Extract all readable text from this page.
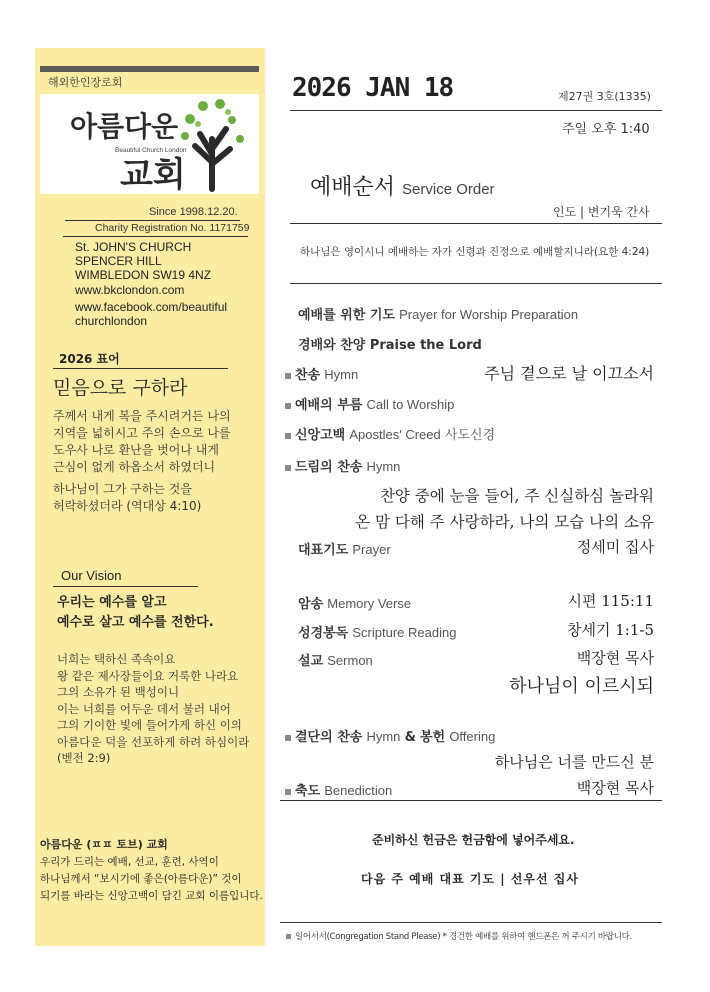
해외한인장로회
아름다운
Beautiful Church London
교회
Since 1998.12.20.
Charity Registration No. 1171759
St. JOHN'S CHURCH
SPENCER HILL
WIMBLEDON SW19 4NZ
www.bkclondon.com
www.facebook.com/beautiful
churchlondon
2026 표어
믿음으로 구하라
주께서 내게 복을 주시려거든 나의
지역을 넓히시고 주의 손으로 나를
도우사 나로 환난을 벗어나 내게
근심이 없게 하옵소서 하였더니
하나님이 그가 구하는 것을
허락하셨더라 (역대상 4:10)
Our Vision
우리는 예수를 알고
예수로 살고 예수를 전한다.
너희는 택하신 족속이요
왕 같은 제사장들이요 거룩한 나라요
그의 소유가 된 백성이니
이는 너희를 어두운 데서 불러 내어
그의 기이한 빛에 들어가게 하신 이의
아름다운 덕을 선포하게 하려 하심이라
(벧전 2:9)
아름다운 (ㅍㅍ 토브) 교회
우리가 드리는 예배, 선교, 훈련, 사역이
하나님께서 “보시기에 좋은(아름다운)” 것이
되기를 바라는 신앙고백이 담긴 교회 이름입니다.
2026 JAN 18	제27권 3호(1335)
주일 오후 1:40
예배순서 Service Order
인도 | 변기욱 간사
하나님은 영이시니 예배하는 자가 신령과 진정으로 예배할지니라(요한 4:24)
예배를 위한 기도 Prayer for Worship Preparation
경배와 찬양 Praise the Lord
찬송 Hymn	주님 곁으로 날 이끄소서
예배의 부름 Call to Worship
신앙고백 Apostles' Creed 사도신경
드림의 찬송 Hymn
찬양 중에 눈을 들어, 주 신실하심 놀라워
온 맘 다해 주 사랑하라, 나의 모습 나의 소유
대표기도 Prayer	정세미 집사
암송 Memory Verse	시편 115:11
성경봉독 Scripture Reading	창세기 1:1-5
설교 Sermon	백장현 목사
하나님이 이르시되
결단의 찬송 Hymn & 봉헌 Offering
하나님은 너를 만드신 분
축도 Benediction	백장현 목사
준비하신 헌금은 헌금함에 넣어주세요.
다음 주 예배 대표 기도 | 선우선 집사
일어서서(Congregation Stand Please) * 경건한 예배를 위하여 핸드폰은 꺼 주시기 바랍니다.
